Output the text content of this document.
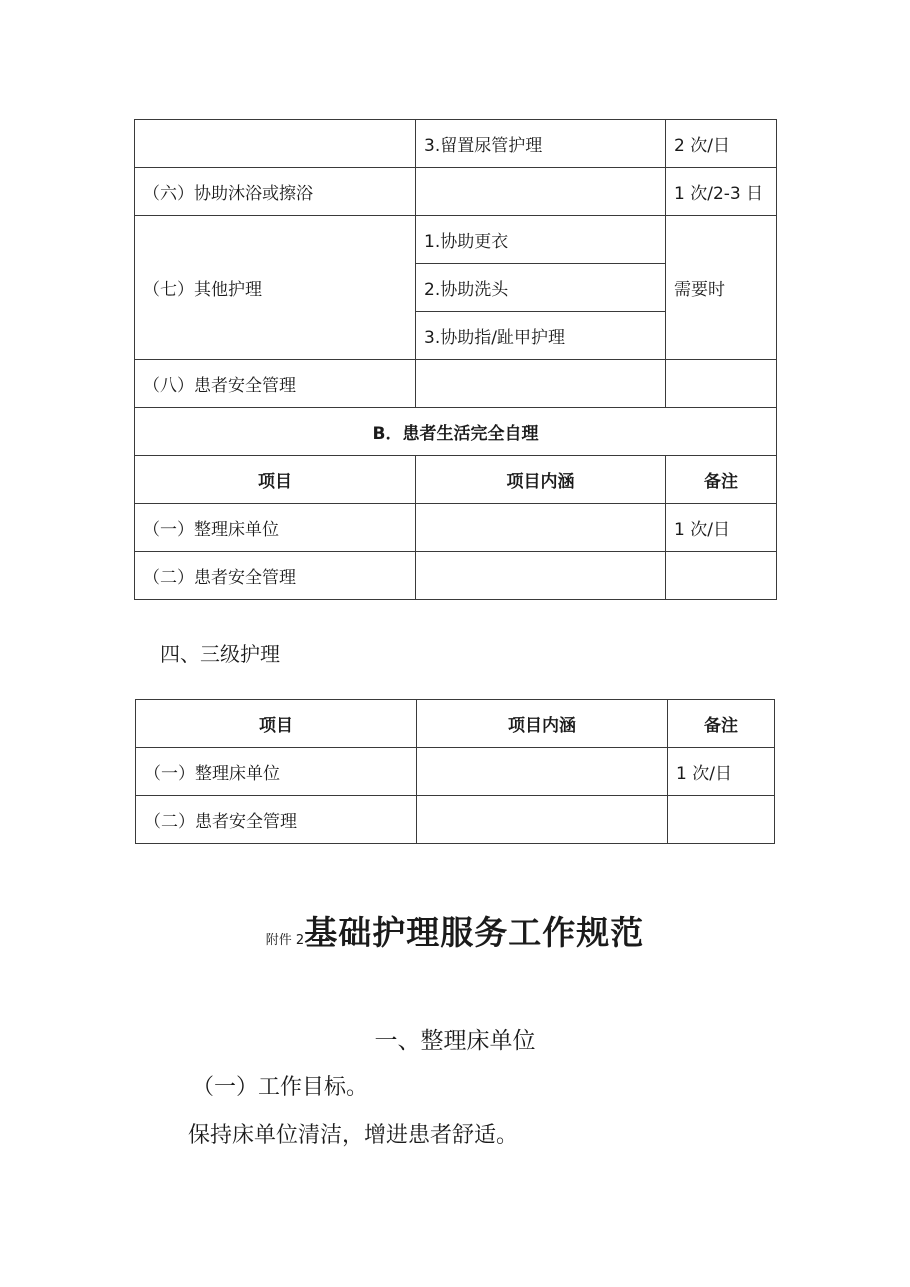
	3.留置尿管护理	2 次/日
（六）协助沐浴或擦浴		1 次/2-3 日
（七）其他护理	1.协助更衣	需要时
	2.协助洗头	
	3.协助指/趾甲护理	
（八）患者安全管理		
B．患者生活完全自理		
项目	项目内涵	备注
（一）整理床单位		1 次/日
（二）患者安全管理		
四、三级护理
项目	项目内涵	备注
（一）整理床单位		1 次/日
（二）患者安全管理		
附件 2基础护理服务工作规范
一、整理床单位
（一）工作目标。
保持床单位清洁，增进患者舒适。
